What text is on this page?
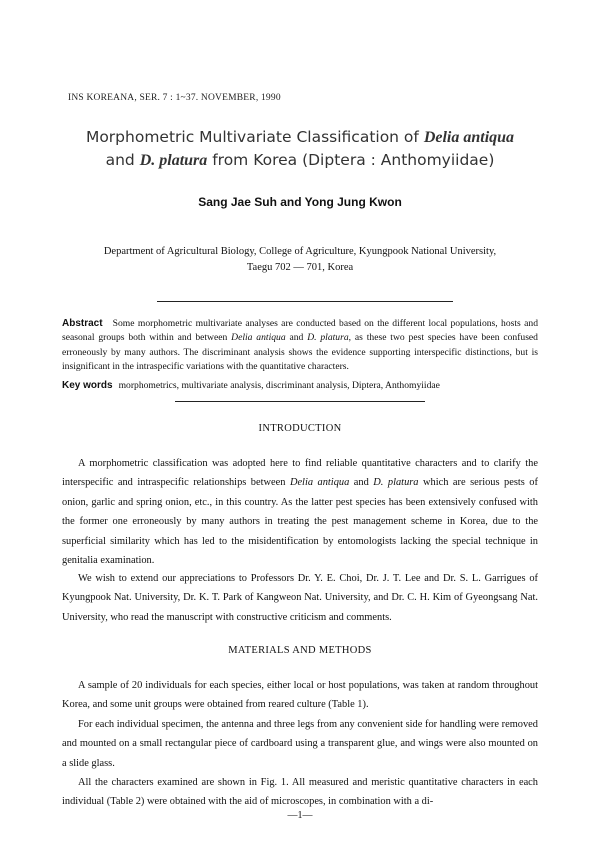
INS KOREANA, SER. 7 : 1~37. NOVEMBER, 1990
Morphometric Multivariate Classification of Delia antiqua
and D. platura from Korea (Diptera : Anthomyiidae)
Sang Jae Suh and Yong Jung Kwon
Department of Agricultural Biology, College of Agriculture, Kyungpook National University,
Taegu 702 — 701, Korea
Abstract Some morphometric multivariate analyses are conducted based on the different local populations, hosts and seasonal groups both within and between Delia antiqua and D. platura, as these two pest species have been confused erroneously by many authors. The discriminant analysis shows the evidence supporting interspecific distinctions, but is insignificant in the intraspecific variations with the quantitative characters.
Key words morphometrics, multivariate analysis, discriminant analysis, Diptera, Anthomyiidae
INTRODUCTION
A morphometric classification was adopted here to find reliable quantitative characters and to clarify the interspecific and intraspecific relationships between Delia antiqua and D. platura which are serious pests of onion, garlic and spring onion, etc., in this country. As the latter pest species has been extensively confused with the former one erroneously by many authors in treating the pest management scheme in Korea, due to the superficial similarity which has led to the misidentification by entomologists lacking the special technique in genitalia examination.
We wish to extend our appreciations to Professors Dr. Y. E. Choi, Dr. J. T. Lee and Dr. S. L. Garrigues of Kyungpook Nat. University, Dr. K. T. Park of Kangweon Nat. University, and Dr. C. H. Kim of Gyeongsang Nat. University, who read the manuscript with constructive criticism and comments.
MATERIALS AND METHODS
A sample of 20 individuals for each species, either local or host populations, was taken at random throughout Korea, and some unit groups were obtained from reared culture (Table 1).
For each individual specimen, the antenna and three legs from any convenient side for handling were removed and mounted on a small rectangular piece of cardboard using a transparent glue, and wings were also mounted on a slide glass.
All the characters examined are shown in Fig. 1. All measured and meristic quantitative characters in each individual (Table 2) were obtained with the aid of microscopes, in combination with a di-
—1—
